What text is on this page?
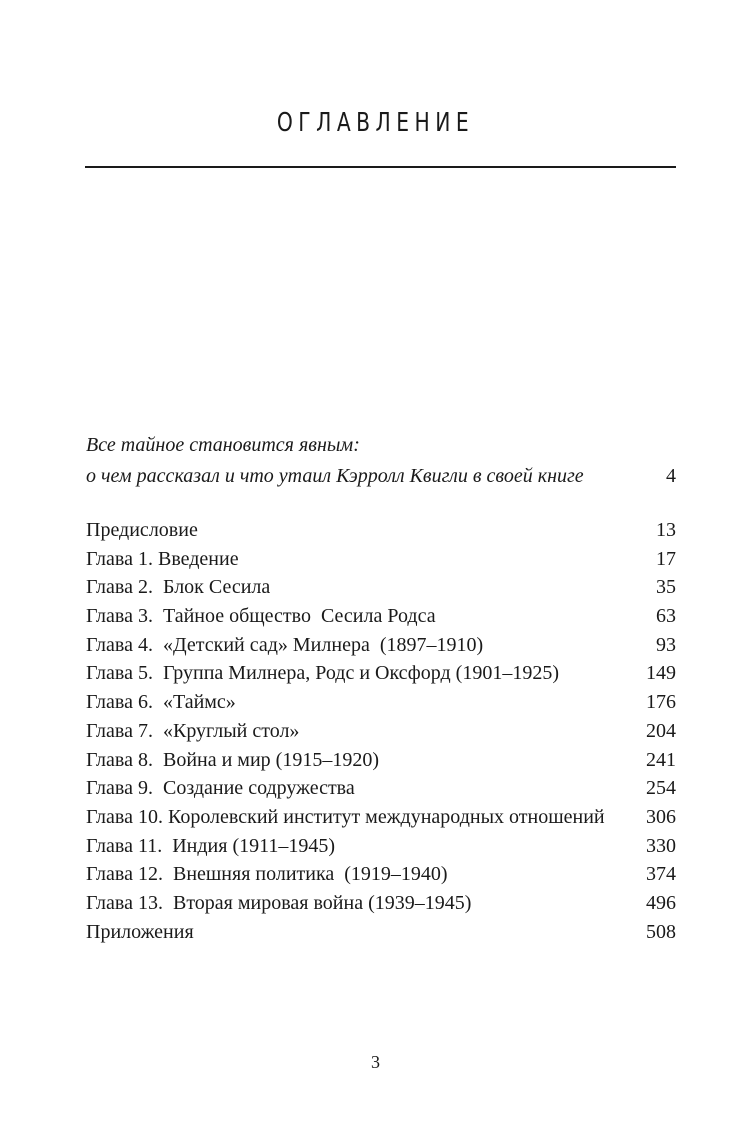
ОГЛАВЛЕНИЕ
Все тайное становится явным:
о чем рассказал и что утаил Кэрролл Квигли в своей книге	4
Предисловие	13
Глава 1. Введение	17
Глава 2.  Блок Сесила	35
Глава 3.  Тайное общество  Сесила Родса	63
Глава 4.  «Детский сад» Милнера  (1897–1910)	93
Глава 5.  Группа Милнера, Родс и Оксфорд (1901–1925)	149
Глава 6.  «Таймс»	176
Глава 7.  «Круглый стол»	204
Глава 8.  Война и мир (1915–1920)	241
Глава 9.  Создание содружества	254
Глава 10. Королевский институт международных отношений 306
Глава 11.  Индия (1911–1945)	330
Глава 12.  Внешняя политика  (1919–1940)	374
Глава 13.  Вторая мировая война (1939–1945)	496
Приложения	508
3
